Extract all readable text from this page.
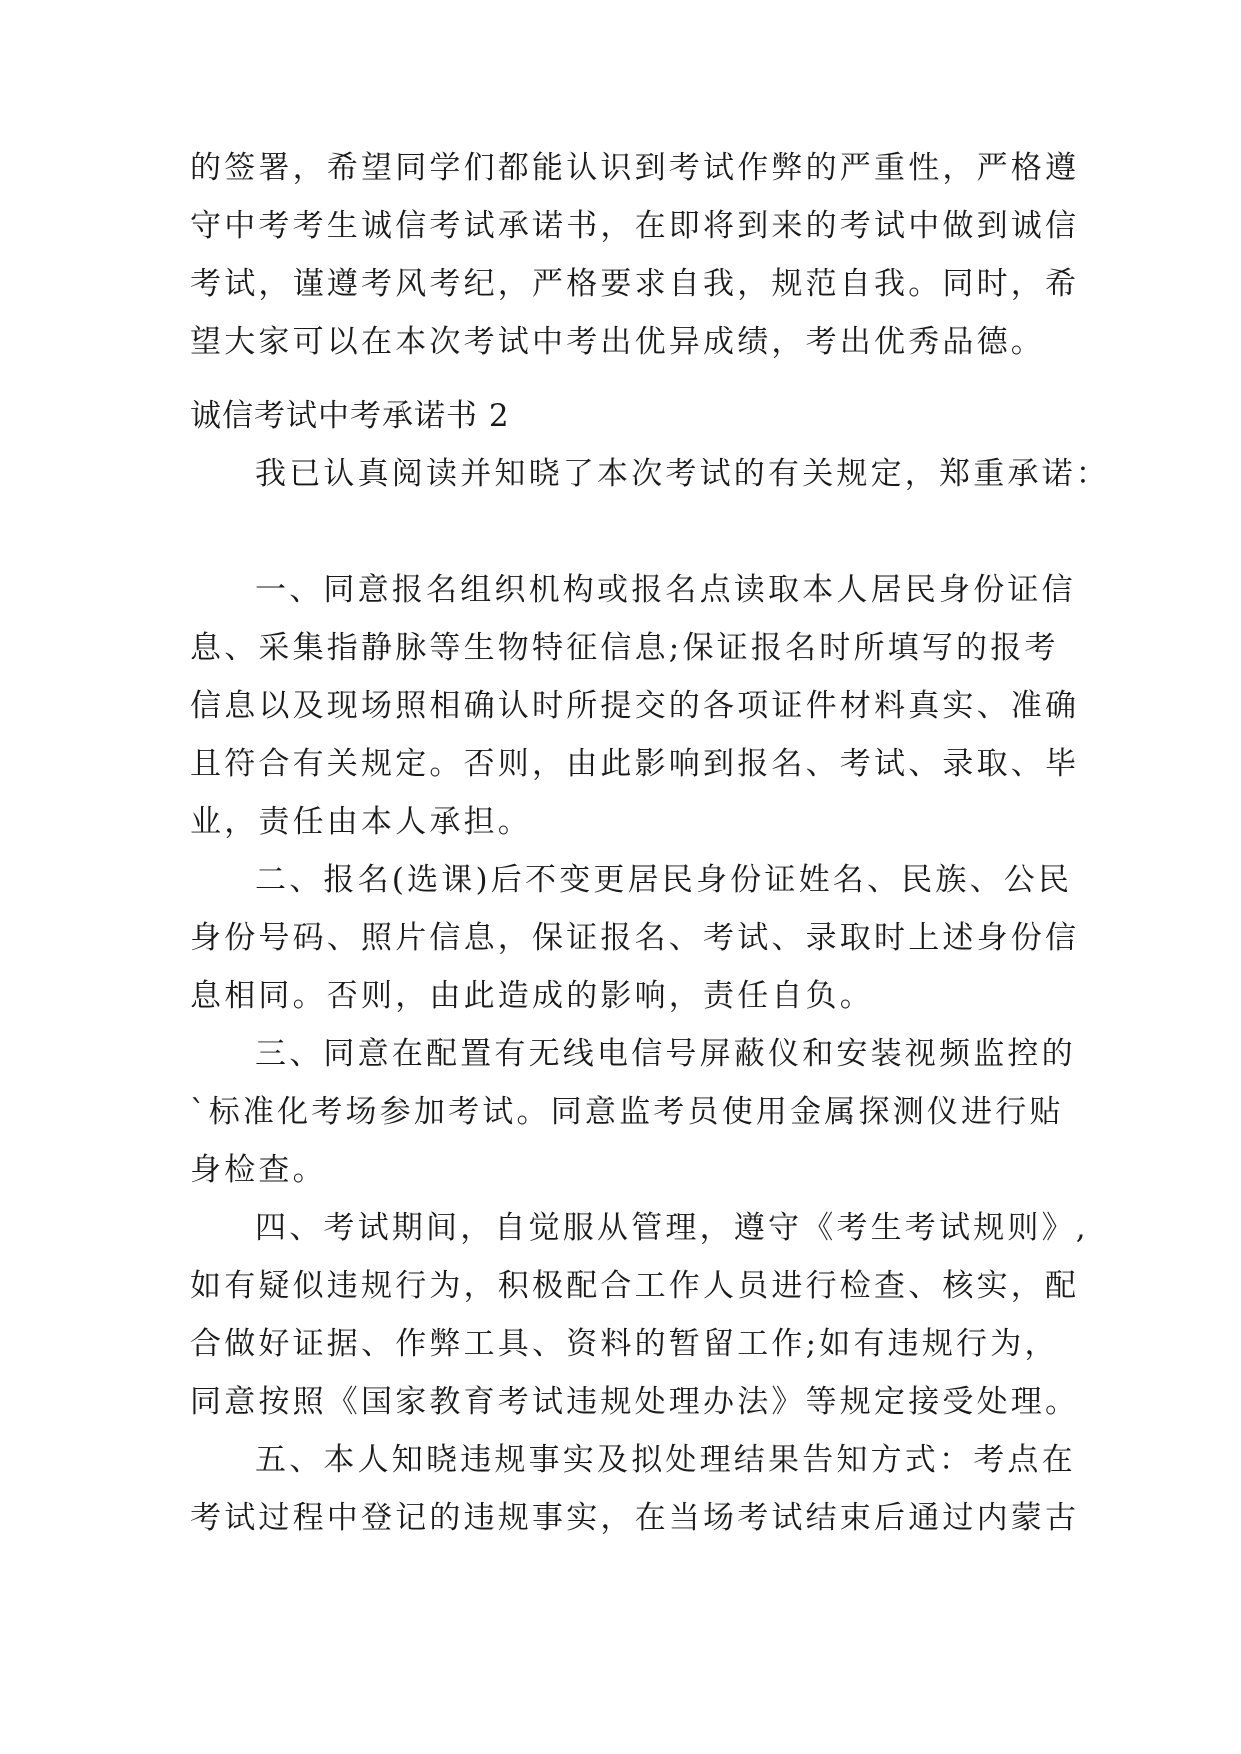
的签署，希望同学们都能认识到考试作弊的严重性，严格遵
守中考考生诚信考试承诺书，在即将到来的考试中做到诚信
考试，谨遵考风考纪，严格要求自我，规范自我。同时，希
望大家可以在本次考试中考出优异成绩，考出优秀品德。
诚信考试中考承诺书 2
我已认真阅读并知晓了本次考试的有关规定，郑重承诺：
一、同意报名组织机构或报名点读取本人居民身份证信
息、采集指静脉等生物特征信息;保证报名时所填写的报考
信息以及现场照相确认时所提交的各项证件材料真实、准确
且符合有关规定。否则，由此影响到报名、考试、录取、毕
业，责任由本人承担。
二、报名(选课)后不变更居民身份证姓名、民族、公民
身份号码、照片信息，保证报名、考试、录取时上述身份信
息相同。否则，由此造成的影响，责任自负。
三、同意在配置有无线电信号屏蔽仪和安装视频监控的
`标准化考场参加考试。同意监考员使用金属探测仪进行贴
身检查。
四、考试期间，自觉服从管理，遵守《考生考试规则》,
如有疑似违规行为，积极配合工作人员进行检查、核实，配
合做好证据、作弊工具、资料的暂留工作;如有违规行为，
同意按照《国家教育考试违规处理办法》等规定接受处理。
五、本人知晓违规事实及拟处理结果告知方式：考点在
考试过程中登记的违规事实，在当场考试结束后通过内蒙古
